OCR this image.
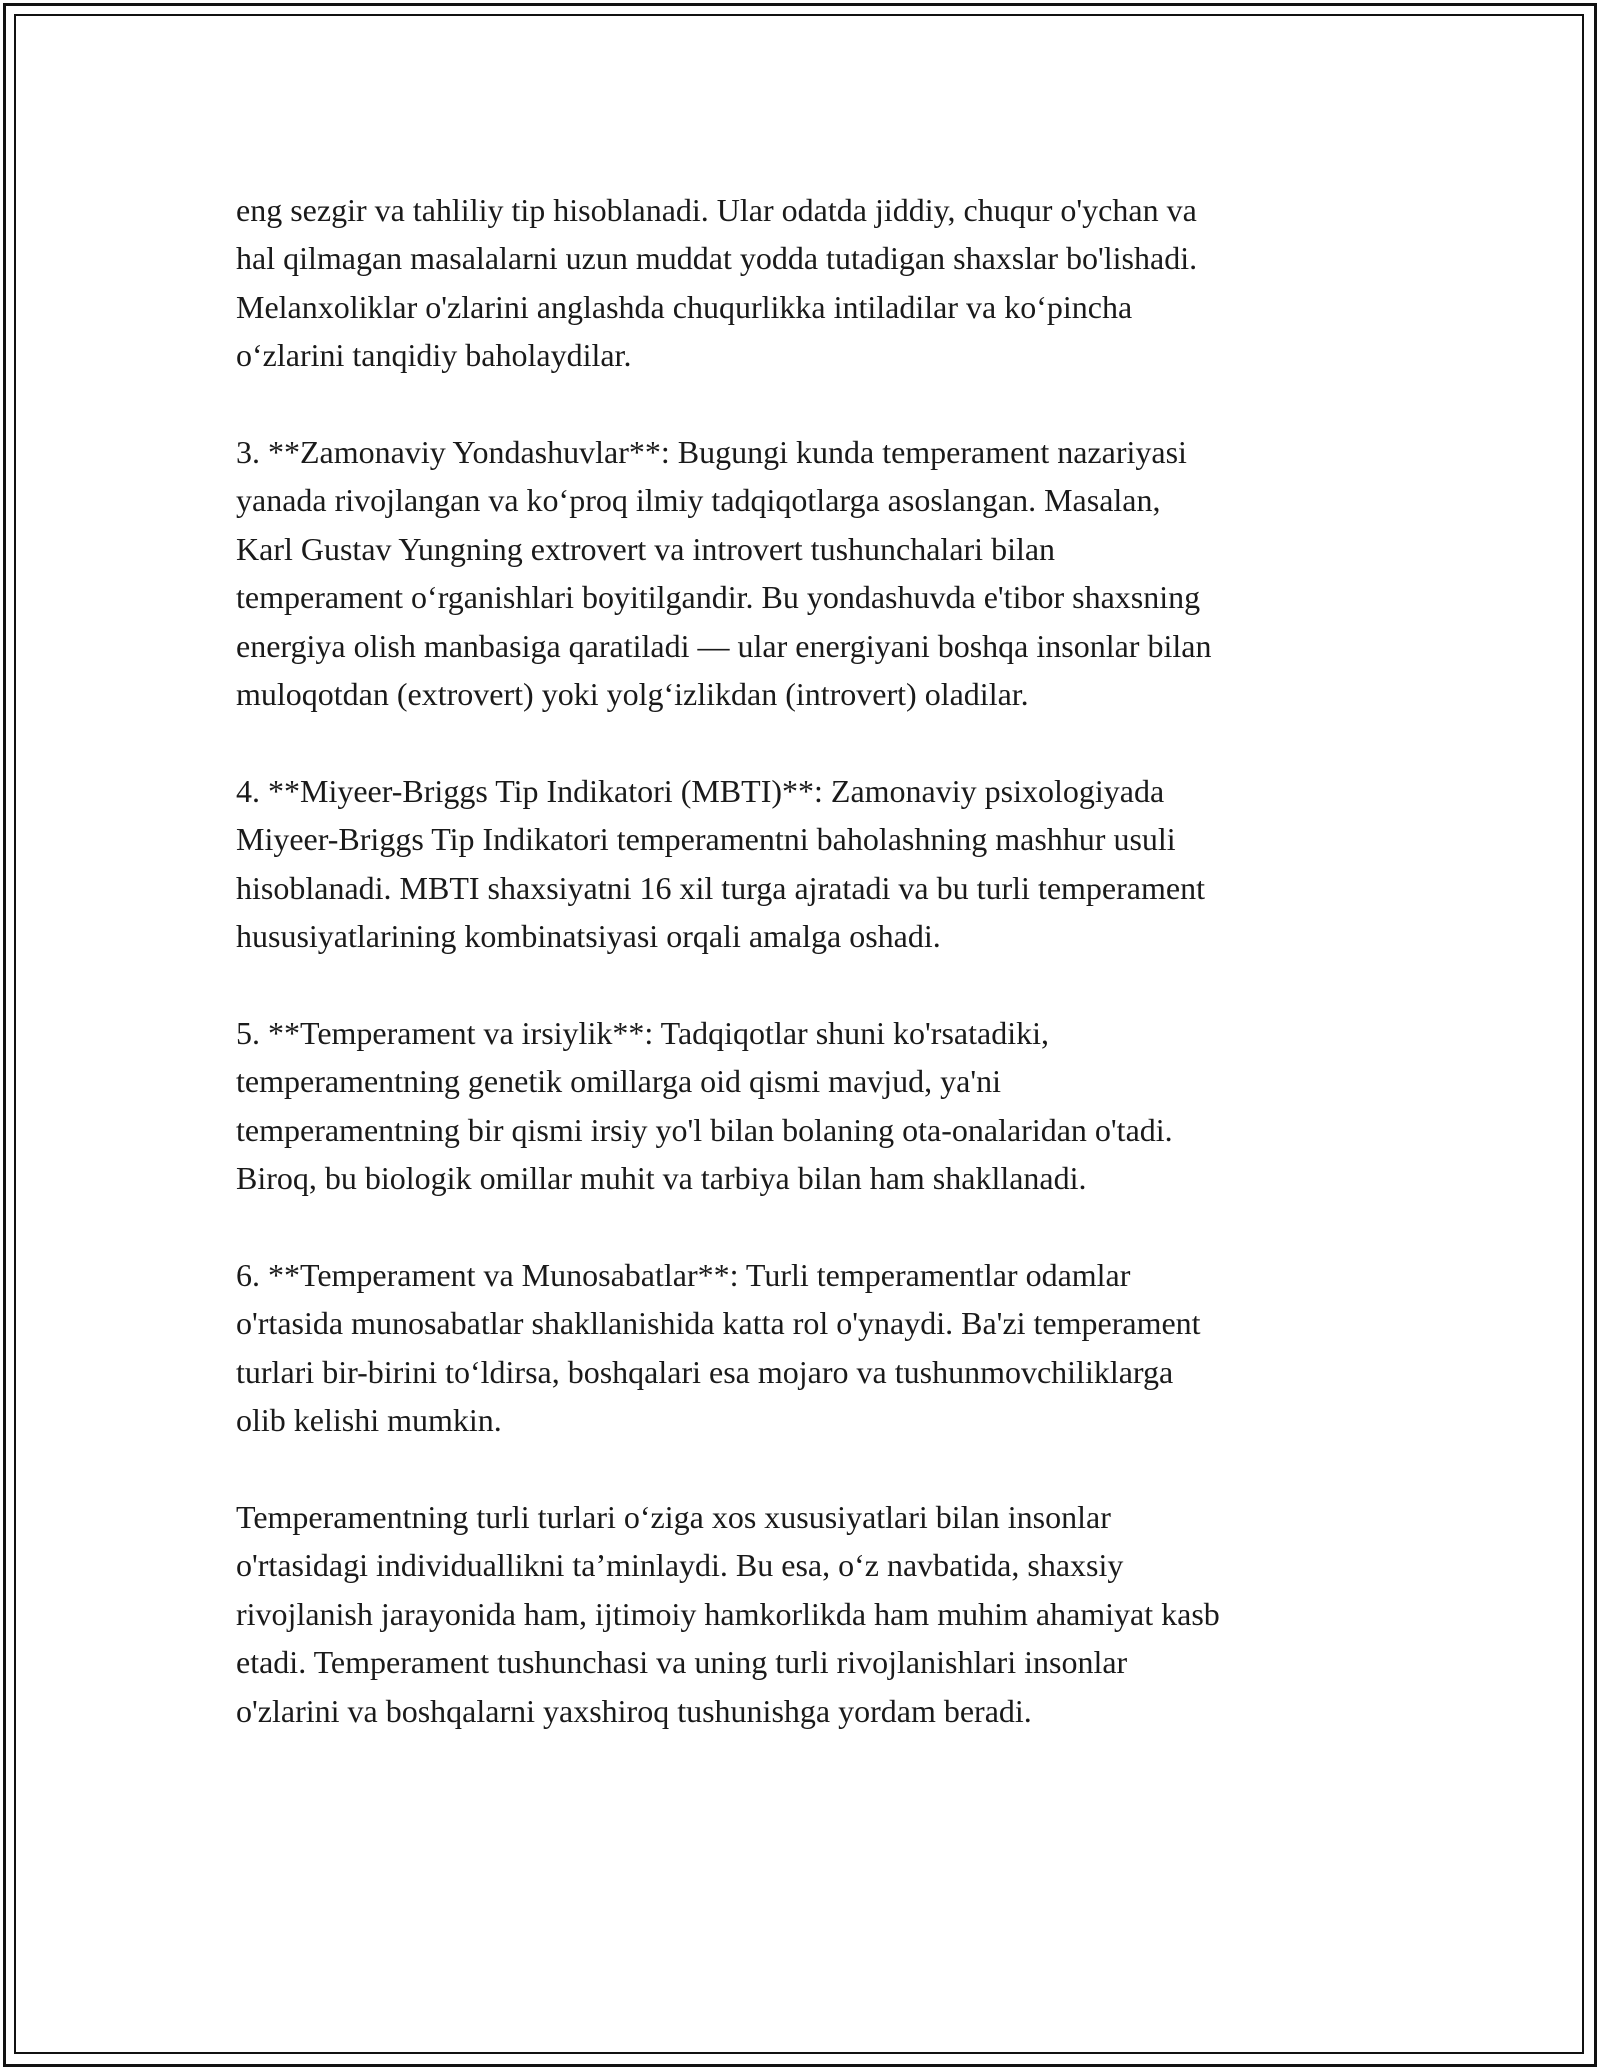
eng sezgir va tahliliy tip hisoblanadi. Ular odatda jiddiy, chuqur o'ychan va
hal qilmagan masalalarni uzun muddat yodda tutadigan shaxslar bo'lishadi.
Melanxoliklar o'zlarini anglashda chuqurlikka intiladilar va ko‘pincha
o‘zlarini tanqidiy baholaydilar.

3. **Zamonaviy Yondashuvlar**: Bugungi kunda temperament nazariyasi
yanada rivojlangan va ko‘proq ilmiy tadqiqotlarga asoslangan. Masalan,
Karl Gustav Yungning extrovert va introvert tushunchalari bilan
temperament o‘rganishlari boyitilgandir. Bu yondashuvda e'tibor shaxsning
energiya olish manbasiga qaratiladi — ular energiyani boshqa insonlar bilan
muloqotdan (extrovert) yoki yolg‘izlikdan (introvert) oladilar.

4. **Miyeer-Briggs Tip Indikatori (MBTI)**: Zamonaviy psixologiyada
Miyeer-Briggs Tip Indikatori temperamentni baholashning mashhur usuli
hisoblanadi. MBTI shaxsiyatni 16 xil turga ajratadi va bu turli temperament
hususiyatlarining kombinatsiyasi orqali amalga oshadi.

5. **Temperament va irsiylik**: Tadqiqotlar shuni ko'rsatadiki,
temperamentning genetik omillarga oid qismi mavjud, ya'ni
temperamentning bir qismi irsiy yo'l bilan bolaning ota-onalaridan o'tadi.
Biroq, bu biologik omillar muhit va tarbiya bilan ham shakllanadi.

6. **Temperament va Munosabatlar**: Turli temperamentlar odamlar
o'rtasida munosabatlar shakllanishida katta rol o'ynaydi. Ba'zi temperament
turlari bir-birini to‘ldirsa, boshqalari esa mojaro va tushunmovchiliklarga
olib kelishi mumkin.

Temperamentning turli turlari o‘ziga xos xususiyatlari bilan insonlar
o'rtasidagi individuallikni ta’minlaydi. Bu esa, o‘z navbatida, shaxsiy
rivojlanish jarayonida ham, ijtimoiy hamkorlikda ham muhim ahamiyat kasb
etadi. Temperament tushunchasi va uning turli rivojlanishlari insonlar
o'zlarini va boshqalarni yaxshiroq tushunishga yordam beradi.
